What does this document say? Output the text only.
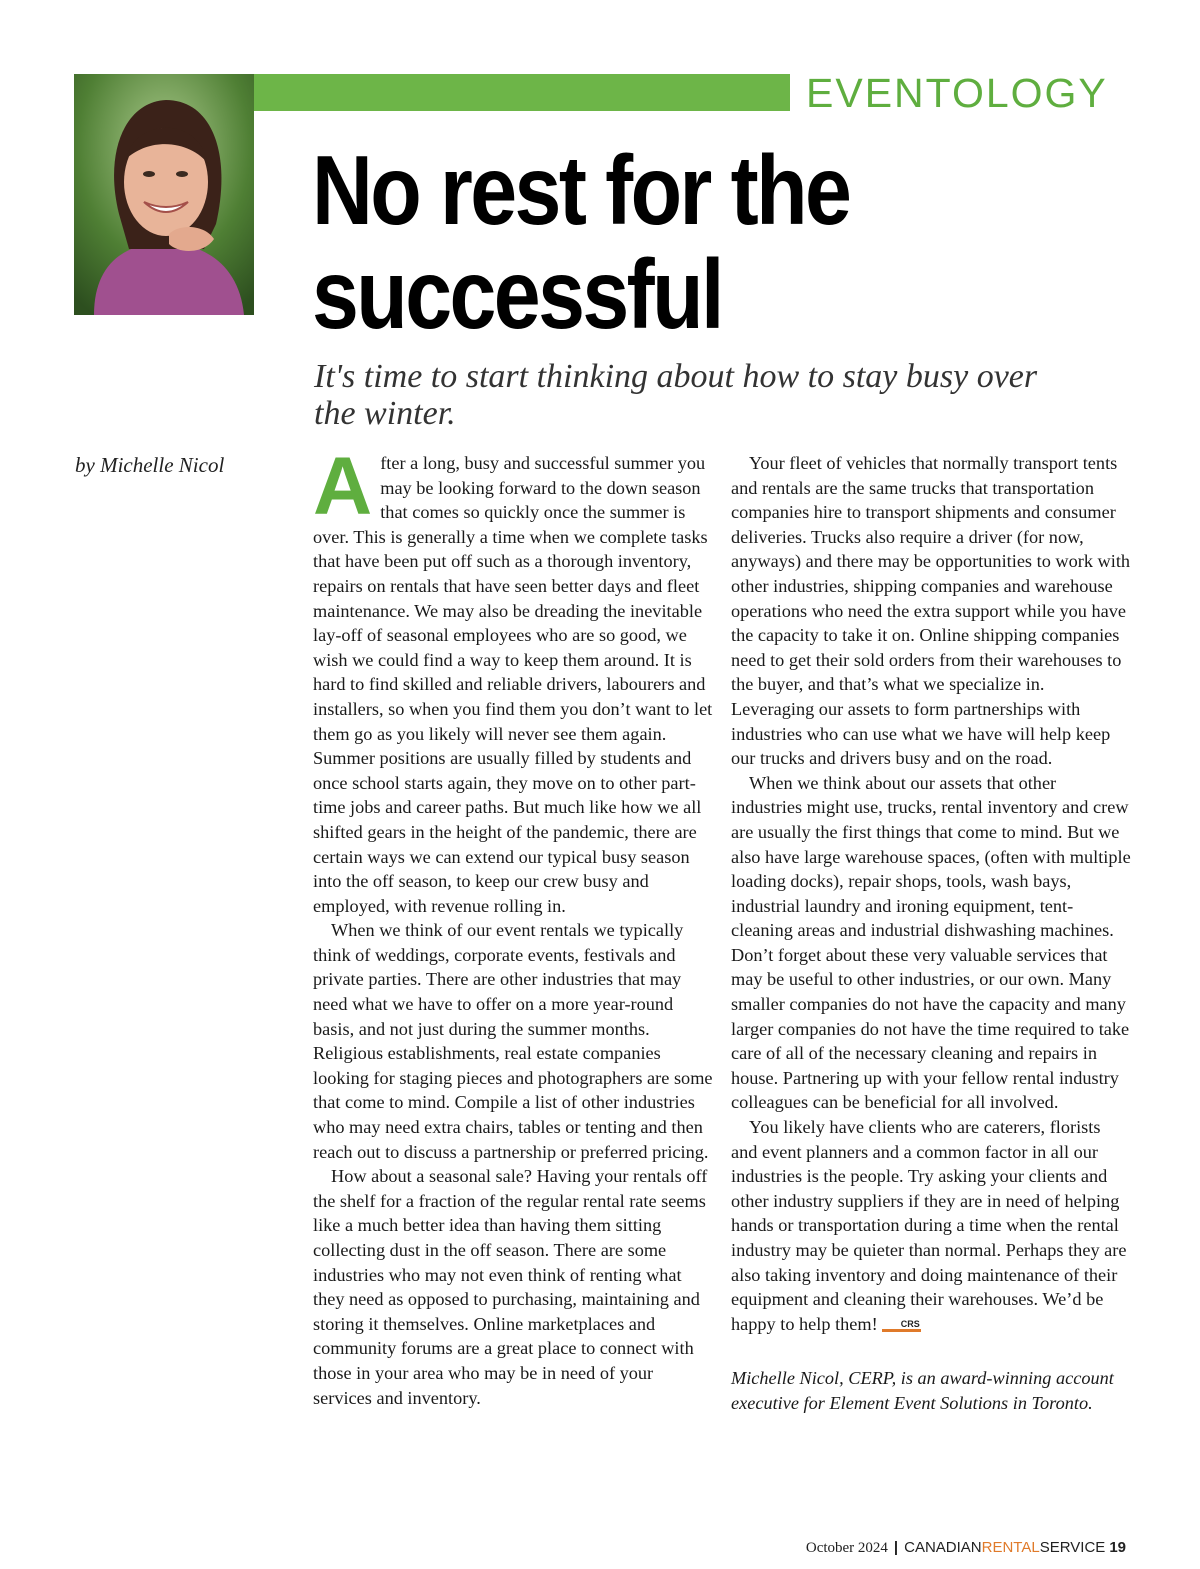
EVENTOLOGY
No rest for the
successful
It's time to start thinking about how to stay busy over
the winter.
by Michelle Nicol After a long, busy and successful summer you may be looking forward to the down season that comes so quickly once the summer is over. This is generally a time when we complete tasks that have been put off such as a thorough inventory, repairs on rentals that have seen better days and fleet maintenance. We may also be dreading the inevitable lay-off of seasonal employees who are so good, we wish we could find a way to keep them around. It is hard to find skilled and reliable drivers, labourers and installers, so when you find them you don’t want to let them go as you likely will never see them again. Summer positions are usually filled by students and once school starts again, they move on to other part-time jobs and career paths. But much like how we all shifted gears in the height of the pandemic, there are certain ways we can extend our typical busy season into the off season, to keep our crew busy and employed, with revenue rolling in.

When we think of our event rentals we typically think of weddings, corporate events, festivals and private parties. There are other industries that may need what we have to offer on a more year-round basis, and not just during the summer months. Religious establishments, real estate companies looking for staging pieces and photographers are some that come to mind. Compile a list of other industries who may need extra chairs, tables or tenting and then reach out to discuss a partnership or preferred pricing.

How about a seasonal sale? Having your rentals off the shelf for a fraction of the regular rental rate seems like a much better idea than having them sitting collecting dust in the off season. There are some industries who may not even think of renting what they need as opposed to purchasing, maintaining and storing it themselves. Online marketplaces and community forums are a great place to connect with those in your area who may be in need of your services and inventory.

Your fleet of vehicles that normally transport tents and rentals are the same trucks that transportation companies hire to transport shipments and consumer deliveries. Trucks also require a driver (for now, anyways) and there may be opportunities to work with other industries, shipping companies and warehouse operations who need the extra support while you have the capacity to take it on. Online shipping companies need to get their sold orders from their warehouses to the buyer, and that’s what we specialize in. Leveraging our assets to form partnerships with industries who can use what we have will help keep our trucks and drivers busy and on the road.

When we think about our assets that other industries might use, trucks, rental inventory and crew are usually the first things that come to mind. But we also have large warehouse spaces, (often with multiple loading docks), repair shops, tools, wash bays, industrial laundry and ironing equipment, tent-cleaning areas and industrial dishwashing machines. Don’t forget about these very valuable services that may be useful to other industries, or our own. Many smaller companies do not have the capacity and many larger companies do not have the time required to take care of all of the necessary cleaning and repairs in house. Partnering up with your fellow rental industry colleagues can be beneficial for all involved.

You likely have clients who are caterers, florists and event planners and a common factor in all our industries is the people. Try asking your clients and other industry suppliers if they are in need of helping hands or transportation during a time when the rental industry may be quieter than normal. Perhaps they are also taking inventory and doing maintenance of their equipment and cleaning their warehouses. We’d be happy to help them!	CRS

Michelle Nicol, CERP, is an award-winning account executive for Element Event Solutions in Toronto.

October 2024 | CANADIANRENTALSERVICE 19
